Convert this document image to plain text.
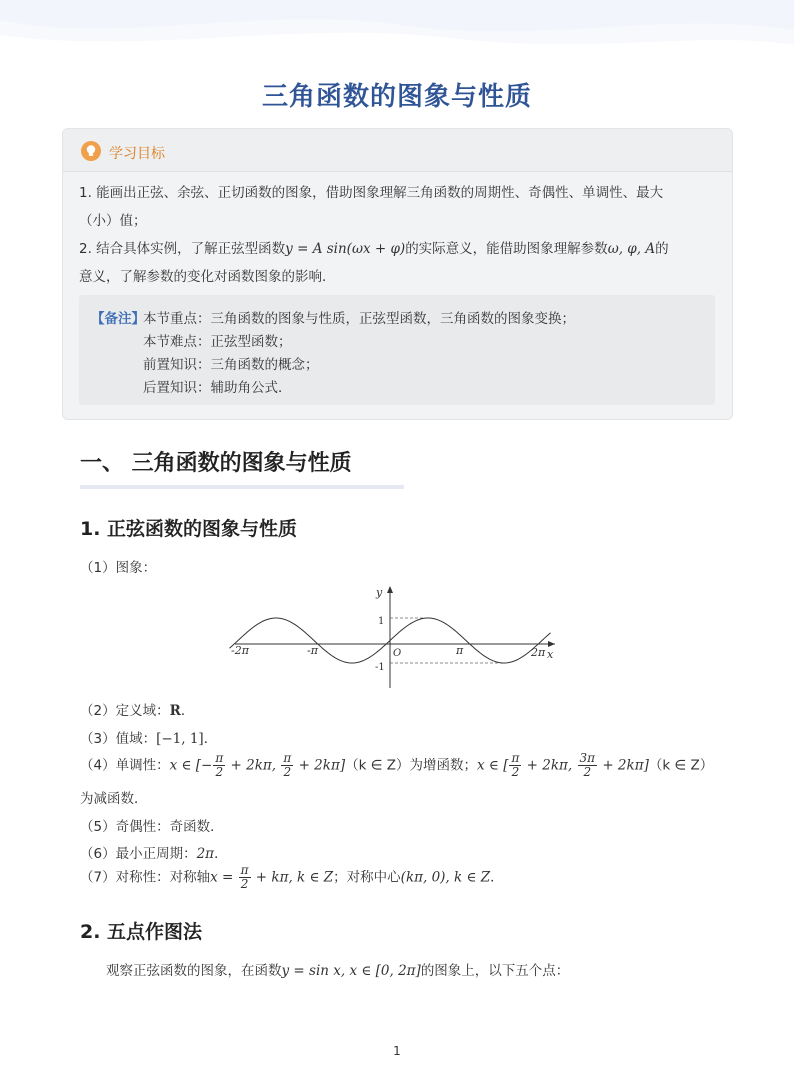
三角函数的图象与性质
学习目标
1. 能画出正弦、余弦、正切函数的图象，借助图象理解三角函数的周期性、奇偶性、单调性、最大
（小）值；
2. 结合具体实例，了解正弦型函数y = A sin(ωx + φ)的实际意义，能借助图象理解参数ω, φ, A的
意义，了解参数的变化对函数图象的影响．
【备注】
本节重点：三角函数的图象与性质，正弦型函数，三角函数的图象变换；
本节难点：正弦型函数；
前置知识：三角函数的概念；
后置知识：辅助角公式．
一、 三角函数的图象与性质
1. 正弦函数的图象与性质
（1）图象：
y
x
O
1
-1
-2π	-π	π	2π
（2）定义域：R．
（3）值域：[−1, 1]．
（4）单调性：x ∈ [− $\frac{\pi}{2} + 2k\pi$, $\frac{\pi}{2} + 2k\pi](k$ ∈ Z）为增函数；x ∈ [ $\frac{\pi}{2} + 2k\pi$, $\frac{3\pi}{2} + 2k\pi](k$ ∈ Z）
为减函数．
（5）奇偶性：奇函数．
（6）最小正周期：2π．
（7）对称性：对称轴$x = \frac{\pi}{2} + k\pi$, k ∈ Z；对称中心(kπ, 0), k ∈ Z．
2. 五点作图法
观察正弦函数的图象，在函数y = sin x, x ∈ [0, 2π]的图象上，以下五个点：
1
